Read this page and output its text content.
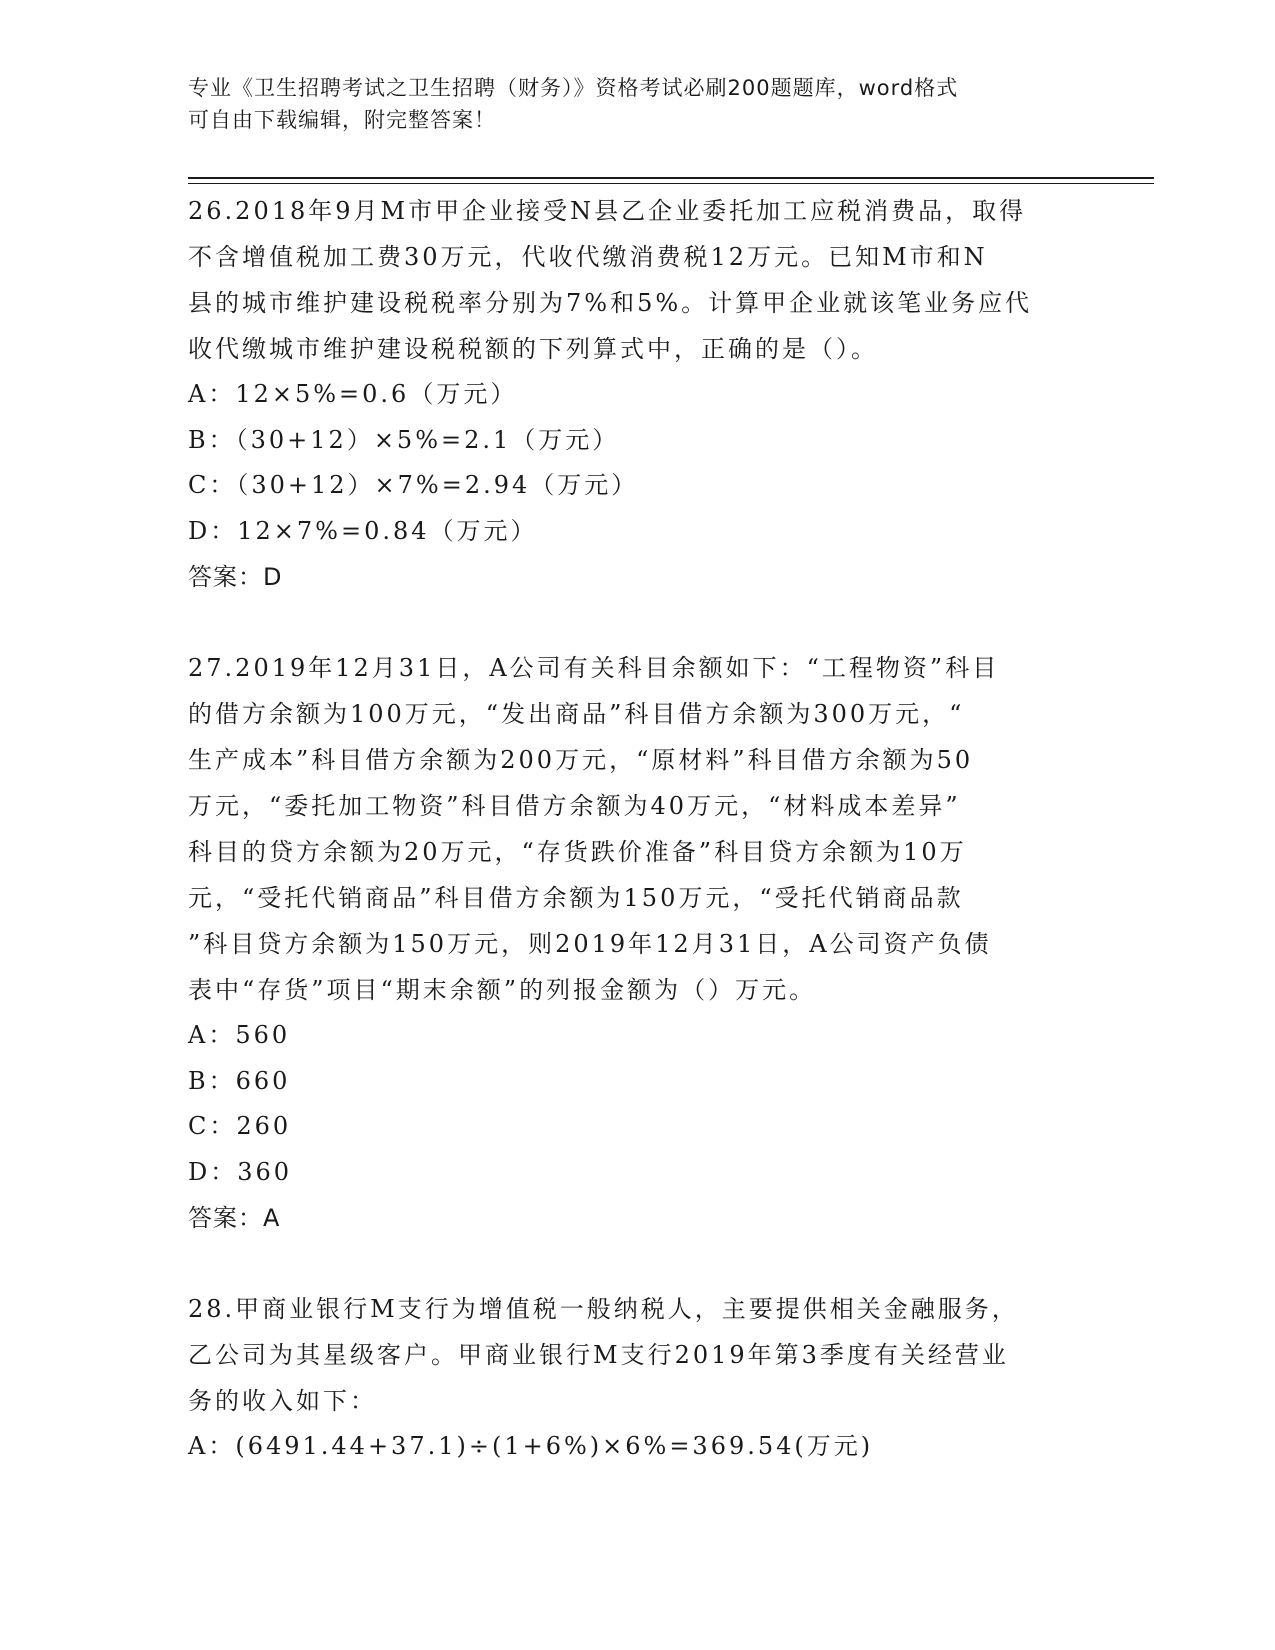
专业《卫生招聘考试之卫生招聘（财务）》资格考试必刷200题题库，word格式
可自由下载编辑，附完整答案！

26.2018年9月M市甲企业接受N县乙企业委托加工应税消费品，取得

不含增值税加工费30万元，代收代缴消费税12万元。已知M市和N

县的城市维护建设税税率分别为7%和5%。计算甲企业就该笔业务应代

收代缴城市维护建设税税额的下列算式中，正确的是（）。

A：12×5%=0.6（万元）

B：（30+12）×5%=2.1（万元）

C：（30+12）×7%=2.94（万元）

D：12×7%=0.84（万元）

答案：D

27.2019年12月31日，A公司有关科目余额如下：“工程物资”科目

的借方余额为100万元，“发出商品”科目借方余额为300万元，“

生产成本”科目借方余额为200万元，“原材料”科目借方余额为50

万元，“委托加工物资”科目借方余额为40万元，“材料成本差异”

科目的贷方余额为20万元，“存货跌价准备”科目贷方余额为10万

元，“受托代销商品”科目借方余额为150万元，“受托代销商品款

”科目贷方余额为150万元，则2019年12月31日，A公司资产负债

表中“存货”项目“期末余额”的列报金额为（）万元。

A：560

B：660

C：260

D：360

答案：A

28.甲商业银行M支行为增值税一般纳税人，主要提供相关金融服务，

乙公司为其星级客户。甲商业银行M支行2019年第3季度有关经营业

务的收入如下：

A：(6491.44+37.1)÷(1+6%)×6%=369.54(万元)
